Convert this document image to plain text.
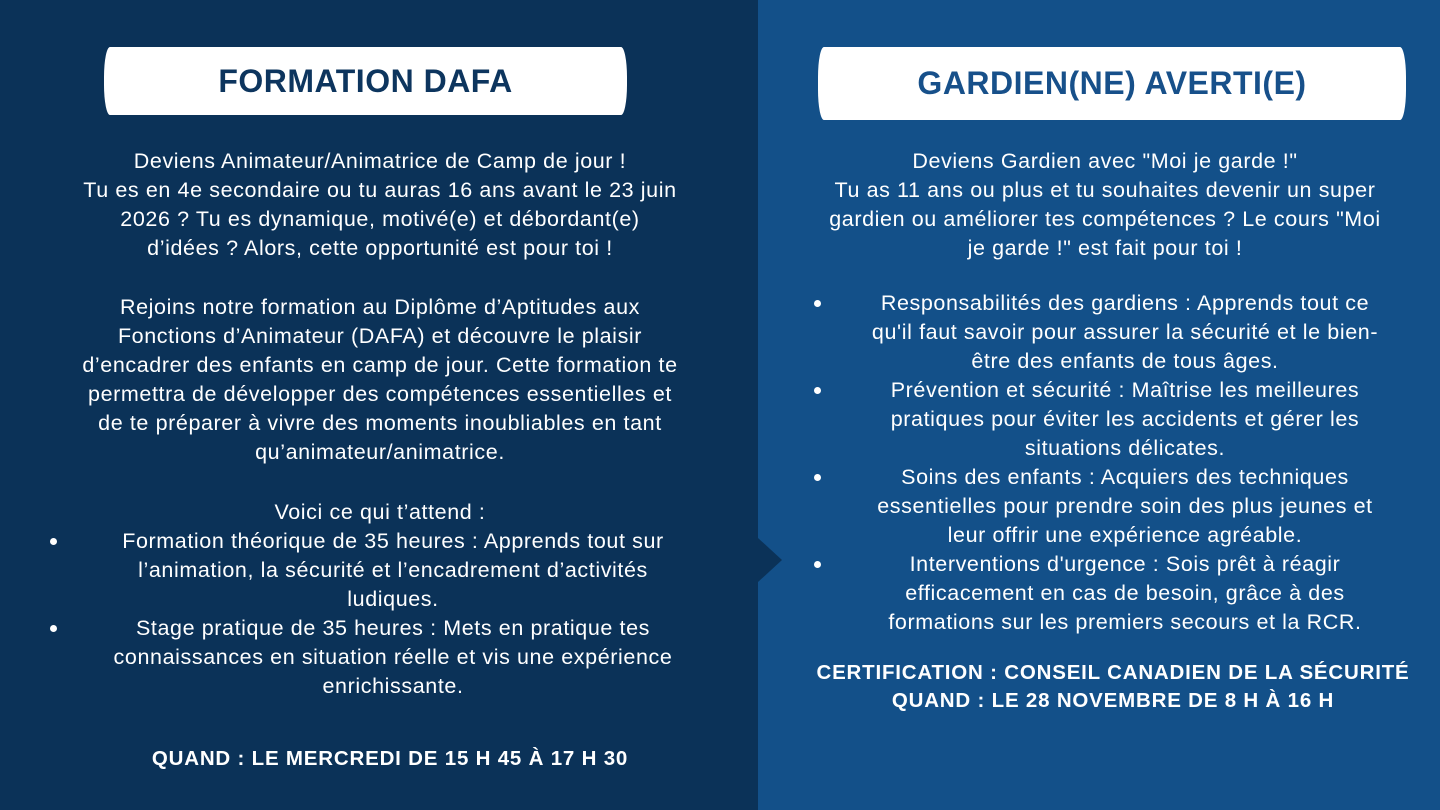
FORMATION DAFA	GARDIEN(NE) AVERTI(E)

Deviens Animateur/Animatrice de Camp de jour !

Tu es en 4e secondaire ou tu auras 16 ans avant le 23 juin

2026 ? Tu es dynamique, motivé(e) et débordant(e)

d’idées ? Alors, cette opportunité est pour toi !

Rejoins notre formation au Diplôme d’Aptitudes aux

Fonctions d’Animateur (DAFA) et découvre le plaisir

d’encadrer des enfants en camp de jour. Cette formation te

permettra de développer des compétences essentielles et

de te préparer à vivre des moments inoubliables en tant

qu’animateur/animatrice.

Voici ce qui t’attend :

Formation théorique de 35 heures : Apprends tout sur

l’animation, la sécurité et l’encadrement d’activités

ludiques.

Stage pratique de 35 heures : Mets en pratique tes

connaissances en situation réelle et vis une expérience

enrichissante.

QUAND : LE MERCREDI DE 15 H 45 À 17 H 30

Deviens Gardien avec "Moi je garde !"

Tu as 11 ans ou plus et tu souhaites devenir un super

gardien ou améliorer tes compétences ? Le cours "Moi

je garde !" est fait pour toi !

Responsabilités des gardiens : Apprends tout ce

qu'il faut savoir pour assurer la sécurité et le bien-

être des enfants de tous âges.

Prévention et sécurité : Maîtrise les meilleures

pratiques pour éviter les accidents et gérer les

situations délicates.

Soins des enfants : Acquiers des techniques

essentielles pour prendre soin des plus jeunes et

leur offrir une expérience agréable.

Interventions d'urgence : Sois prêt à réagir

efficacement en cas de besoin, grâce à des

formations sur les premiers secours et la RCR.

CERTIFICATION : CONSEIL CANADIEN DE LA SÉCURITÉ

QUAND : LE 28 NOVEMBRE DE 8 H À 16 H
